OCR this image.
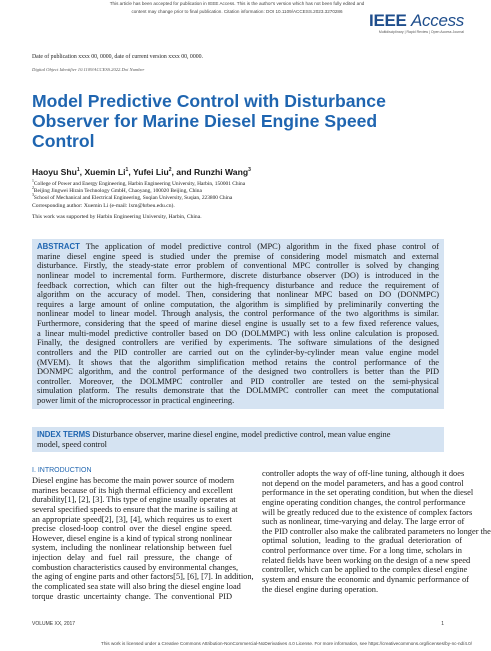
This article has been accepted for publication in IEEE Access. This is the author's version which has not been fully edited and
content may change prior to final publication. Citation information: DOI 10.1109/ACCESS.2023.3270286	IEEE Access
Multidisciplinary | Rapid Review | Open Access Journal
Date of publication xxxx 00, 0000, date of current version xxxx 00, 0000.
Digital Object Identifier 10.1109/ACCESS.2022.Doi Number
Model Predictive Control with Disturbance Observer for Marine Diesel Engine Speed Control
Haoyu Shu$^1$, Xuemin Li$^1$, Yufei Liu$^2$, and Runzhi Wang$^3$
$^1$College of Power and Energy Engineering, Harbin Engineering University, Harbin, 150001 China
$^2$Beijing Jingwei Hirain Technology GmbH, Chaoyang, 100020 Beijing, China
$^3$School of Mechanical and Electrical Engineering, Suqian University, Suqian, 223800 China
Corresponding author: Xuemin Li (e-mail: lxm@hrbeu.edu.cn).
This work was supported by Harbin Engineering University, Harbin, China.
ABSTRACT The application of model predictive control (MPC) algorithm in the fixed phase control of
marine diesel engine speed is studied under the premise of considering model mismatch and external
disturbance. Firstly, the steady-state error problem of conventional MPC controller is solved by changing
nonlinear model to incremental form. Furthermore, discrete disturbance observer (DO) is introduced in the
feedback correction, which can filter out the high-frequency disturbance and reduce the requirement of
algorithm on the accuracy of model. Then, considering that nonlinear MPC based on DO (DONMPC)
requires a large amount of online computation, the algorithm is simplified by preliminarily converting the
nonlinear model to linear model. Through analysis, the control performance of the two algorithms is similar.
Furthermore, considering that the speed of marine diesel engine is usually set to a few fixed reference values,
a linear multi-model predictive controller based on DO (DOLMMPC) with less online calculation is proposed.
Finally, the designed controllers are verified by experiments. The software simulations of the designed
controllers and the PID controller are carried out on the cylinder-by-cylinder mean value engine model
(MVEM). It shows that the algorithm simplification method retains the control performance of the
DONMPC algorithm, and the control performance of the designed two controllers is better than the PID
controller. Moreover, the DOLMMPC controller and PID controller are tested on the semi-physical
simulation platform. The results demonstrate that the DOLMMPC controller can meet the computational
power limit of the microprocessor in practical engineering.
INDEX TERMS Disturbance observer, marine diesel engine, model predictive control, mean value engine
model, speed control
I. INTRODUCTION
Diesel engine has become the main power source of modern
marines because of its high thermal efficiency and excellent
durability[1], [2], [3]. This type of engine usually operates at
several specified speeds to ensure that the marine is sailing at
an appropriate speed[2], [3], [4], which requires us to exert
precise closed-loop control over the diesel engine speed.
However, diesel engine is a kind of typical strong nonlinear
system, including the nonlinear relationship between fuel
injection delay and fuel rail pressure, the change of
combustion characteristics caused by environmental changes,
the aging of engine parts and other factors[5], [6], [7]. In addition,
the complicated sea state will also bring the diesel engine load
torque drastic uncertainty change. The conventional PID
controller adopts the way of off-line tuning, although it does
not depend on the model parameters, and has a good control
performance in the set operating condition, but when the diesel
engine operating condition changes, the control performance
will be greatly reduced due to the existence of complex factors
such as nonlinear, time-varying and delay. The large error of
the PID controller also make the calibrated parameters no longer the
optimal solution, leading to the gradual deterioration of
control performance over time. For a long time, scholars in
related fields have been working on the design of a new speed
controller, which can be applied to the complex diesel engine
system and ensure the economic and dynamic performance of
the diesel engine during operation.
VOLUME XX, 2017	1
This work is licensed under a Creative Commons Attribution-NonCommercial-NoDerivatives 4.0 License. For more information, see https://creativecommons.org/licenses/by-nc-nd/4.0/
